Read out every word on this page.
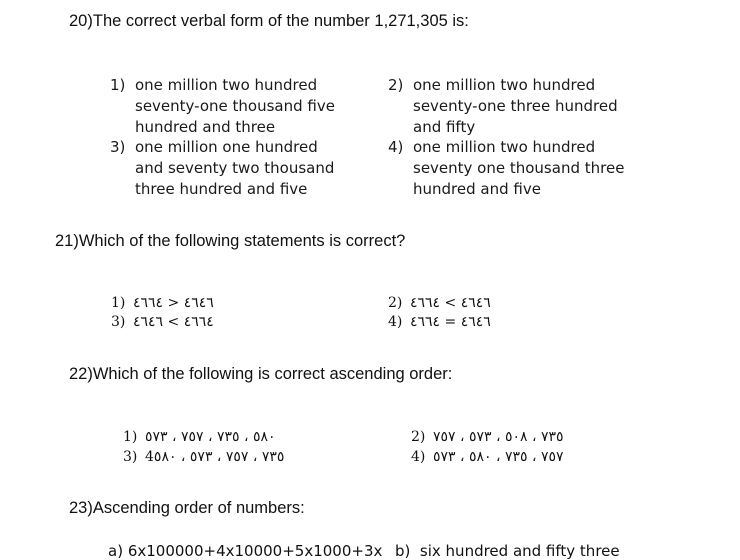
20)The correct verbal form of the number 1,271,305 is:
1) one million two hundred seventy-one thousand five hundred and three
2) one million two hundred seventy-one three hundred and fifty
3) one million one hundred and seventy two thousand three hundred and five
4) one million two hundred seventy one thousand three hundred and five
21)Which of the following statements is correct?
1) ٤٦٤٦ < ٤٦٦٤	2) ٤٦٤٦ > ٤٦٦٤
3) ٤٦٦٤ > ٤٦٤٦	4) ٤٦٤٦ = ٤٦٦٤
22)Which of the following is correct ascending order:
1) ٥٨٠ ، ٧٣٥ ، ٧٥٧ ، ٥٧٣	2) ٧٣٥ ، ٥٠٨ ، ٥٧٣ ، ٧٥٧
3) 4٧٣٥ ، ٧٥٧ ، ٥٧٣ ، ٥٨٠	4) ٧٥٧ ، ٧٣٥ ، ٥٨٠ ، ٥٧٣
23)Ascending order of numbers:
a) 6x100000+4x10000+5x1000+3x b) six hundred and fifty three
